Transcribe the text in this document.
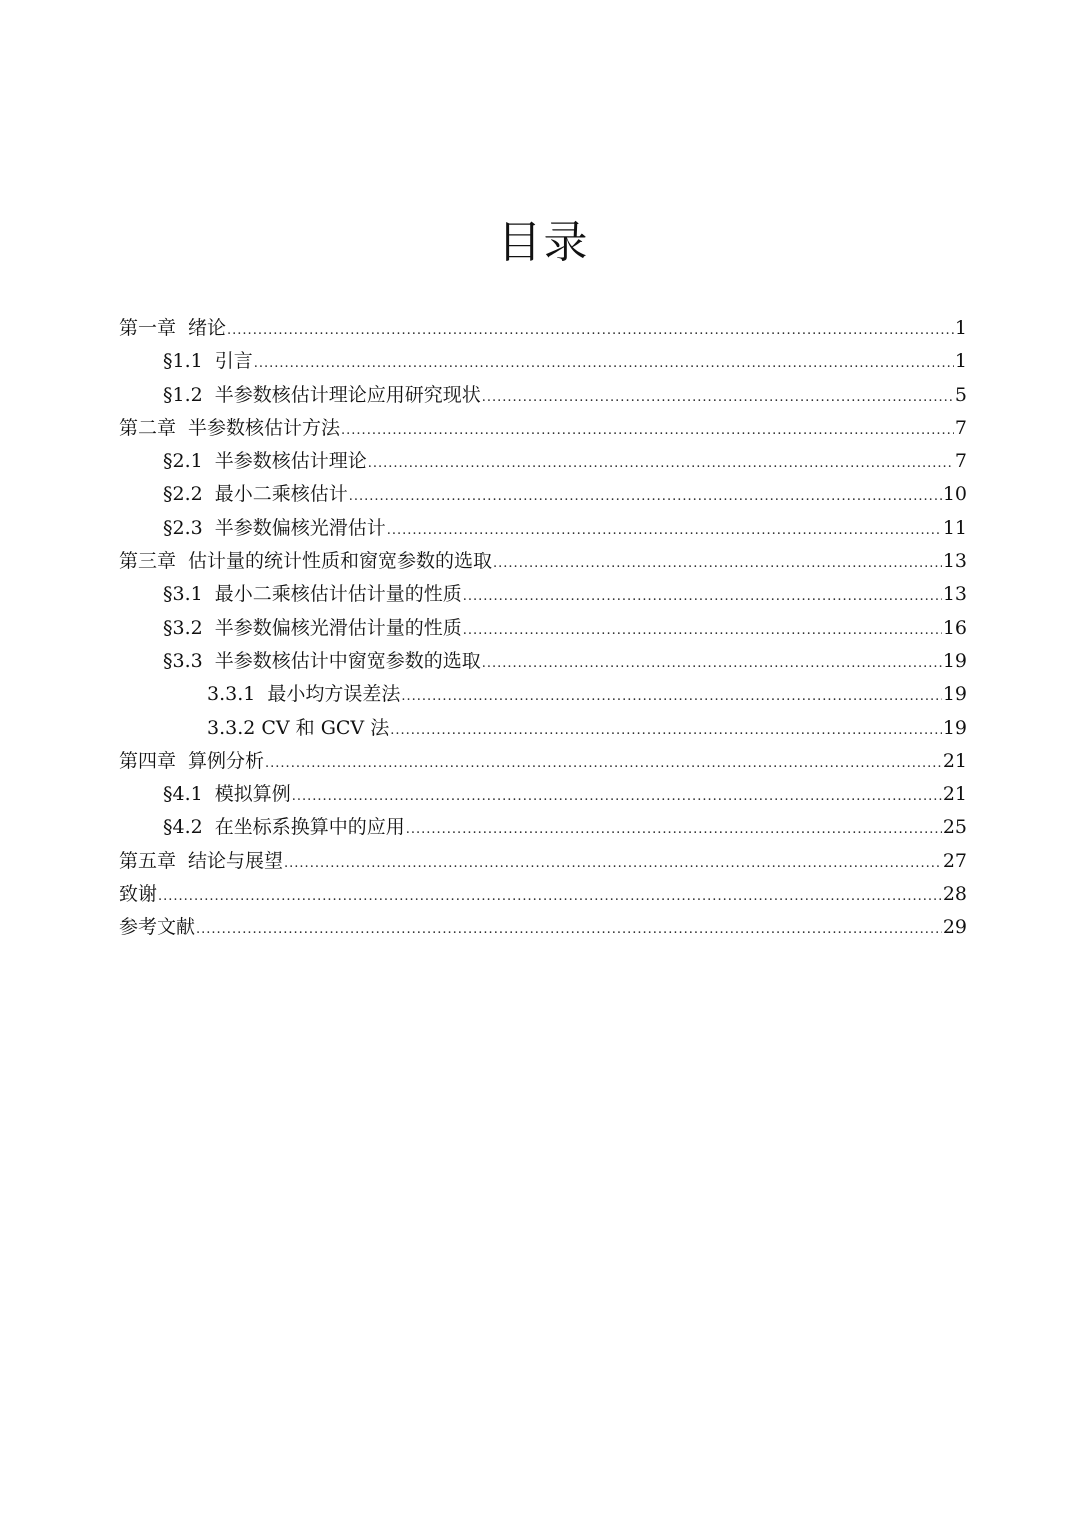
目录
第一章 绪论 .....	1
§1.1 引言 .....	1
§1.2 半参数核估计理论应用研究现状 .....	5
第二章 半参数核估计方法 .....	7
§2.1 半参数核估计理论 .....	7
§2.2 最小二乘核估计 .....	10
§2.3 半参数偏核光滑估计 .....	11
第三章 估计量的统计性质和窗宽参数的选取 .....	13
§3.1 最小二乘核估计估计量的性质 .....	13
§3.2 半参数偏核光滑估计量的性质 .....	16
§3.3 半参数核估计中窗宽参数的选取 .....	19
3.3.1 最小均方误差法 .....	19
3.3.2 CV 和 GCV 法 .....	19
第四章 算例分析 .....	21
§4.1 模拟算例 .....	21
§4.2 在坐标系换算中的应用 .....	25
第五章 结论与展望 .....	27
致谢 .....	28
参考文献 .....	29
